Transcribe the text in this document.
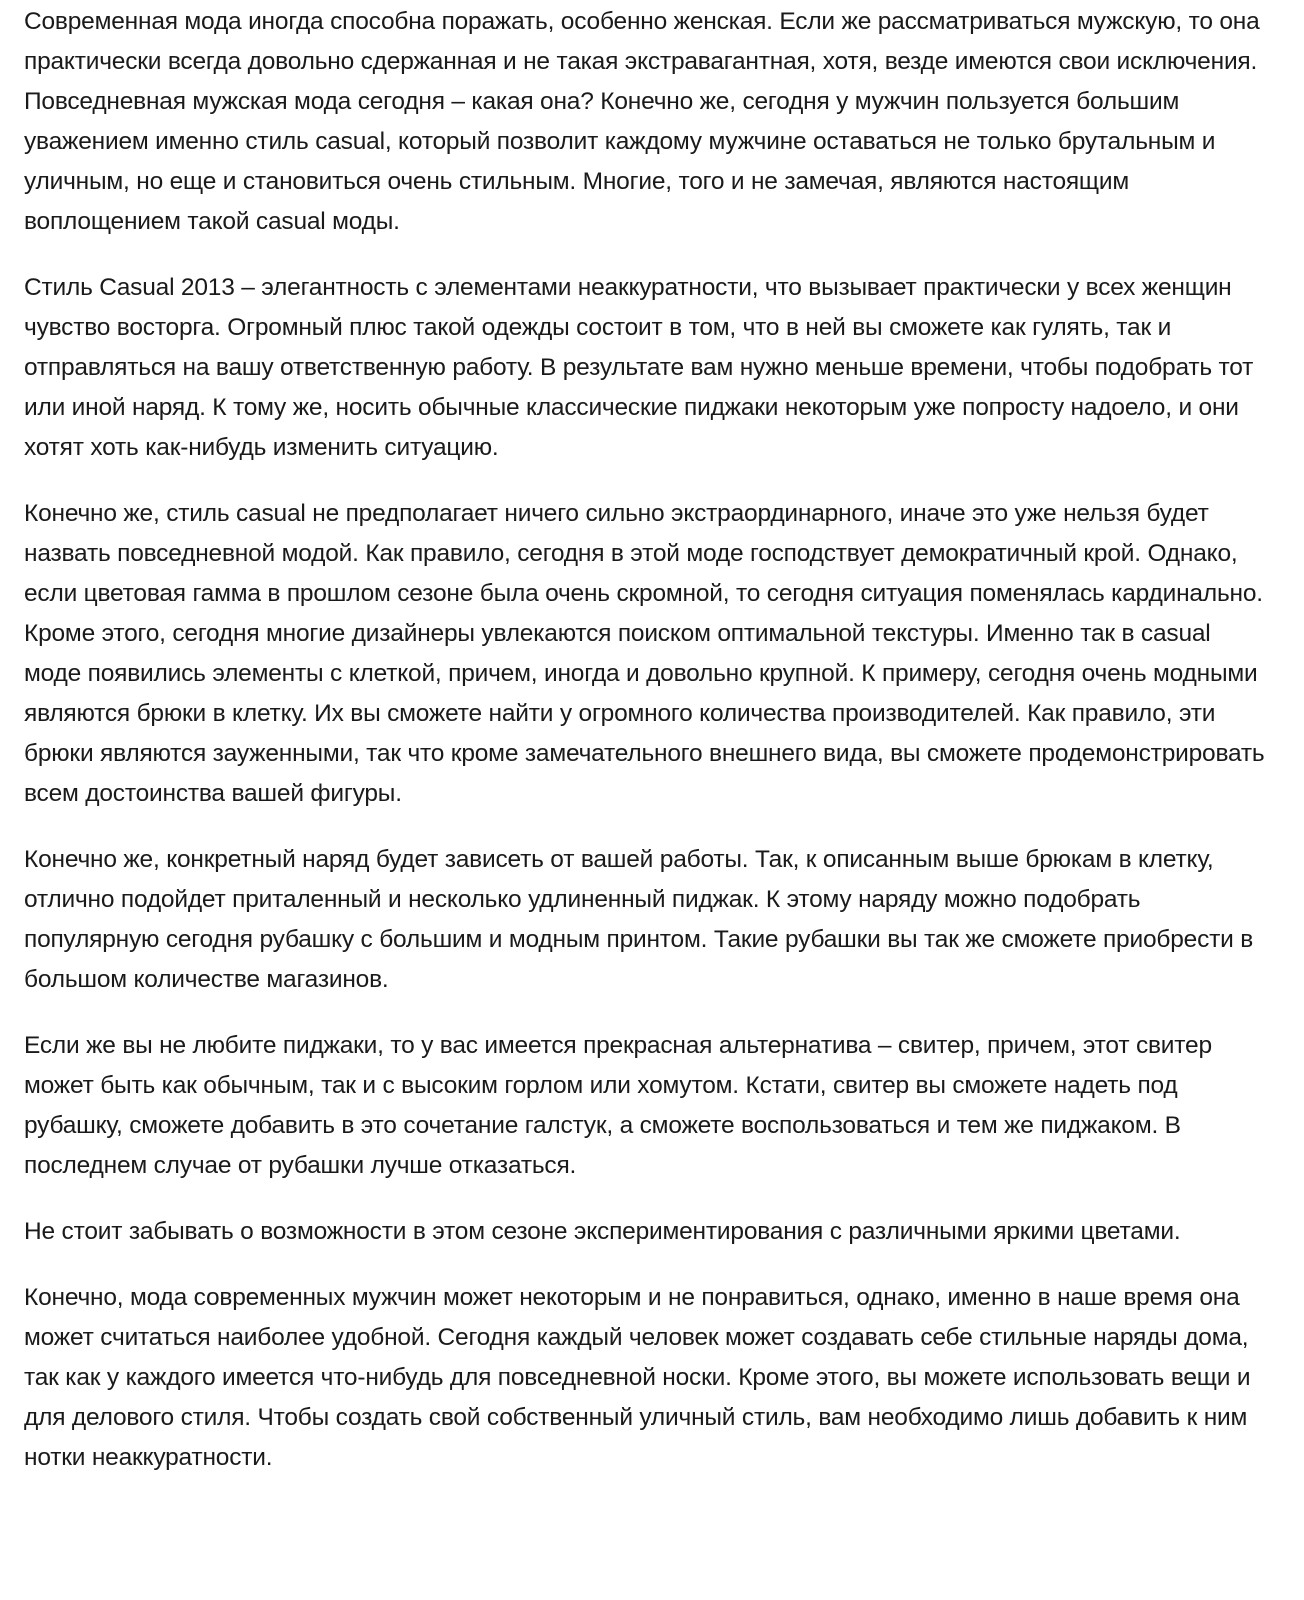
Современная мода иногда способна поражать, особенно женская. Если же рассматриваться мужскую, то она практически всегда довольно сдержанная и не такая экстравагантная, хотя, везде имеются свои исключения. Повседневная мужская мода сегодня – какая она? Конечно же, сегодня у мужчин пользуется большим уважением именно стиль casual, который позволит каждому мужчине оставаться не только брутальным и уличным, но еще и становиться очень стильным. Многие, того и не замечая, являются настоящим воплощением такой casual моды.

Стиль Casual 2013 – элегантность с элементами неаккуратности, что вызывает практически у всех женщин чувство восторга. Огромный плюс такой одежды состоит в том, что в ней вы сможете как гулять, так и отправляться на вашу ответственную работу. В результате вам нужно меньше времени, чтобы подобрать тот или иной наряд. К тому же, носить обычные классические пиджаки некоторым уже попросту надоело, и они хотят хоть как-нибудь изменить ситуацию.

Конечно же, стиль casual не предполагает ничего сильно экстраординарного, иначе это уже нельзя будет назвать повседневной модой. Как правило, сегодня в этой моде господствует демократичный крой. Однако, если цветовая гамма в прошлом сезоне была очень скромной, то сегодня ситуация поменялась кардинально. Кроме этого, сегодня многие дизайнеры увлекаются поиском оптимальной текстуры. Именно так в casual моде появились элементы с клеткой, причем, иногда и довольно крупной. К примеру, сегодня очень модными являются брюки в клетку. Их вы сможете найти у огромного количества производителей. Как правило, эти брюки являются зауженными, так что кроме замечательного внешнего вида, вы сможете продемонстрировать всем достоинства вашей фигуры.

Конечно же, конкретный наряд будет зависеть от вашей работы. Так, к описанным выше брюкам в клетку, отлично подойдет приталенный и несколько удлиненный пиджак. К этому наряду можно подобрать популярную сегодня рубашку с большим и модным принтом. Такие рубашки вы так же сможете приобрести в большом количестве магазинов.

Если же вы не любите пиджаки, то у вас имеется прекрасная альтернатива – свитер, причем, этот свитер может быть как обычным, так и с высоким горлом или хомутом. Кстати, свитер вы сможете надеть под рубашку, сможете добавить в это сочетание галстук, а сможете воспользоваться и тем же пиджаком. В последнем случае от рубашки лучше отказаться.

Не стоит забывать о возможности в этом сезоне экспериментирования с различными яркими цветами.

Конечно, мода современных мужчин может некоторым и не понравиться, однако, именно в наше время она может считаться наиболее удобной. Сегодня каждый человек может создавать себе стильные наряды дома, так как у каждого имеется что-нибудь для повседневной носки. Кроме этого, вы можете использовать вещи и для делового стиля. Чтобы создать свой собственный уличный стиль, вам необходимо лишь добавить к ним нотки неаккуратности.
